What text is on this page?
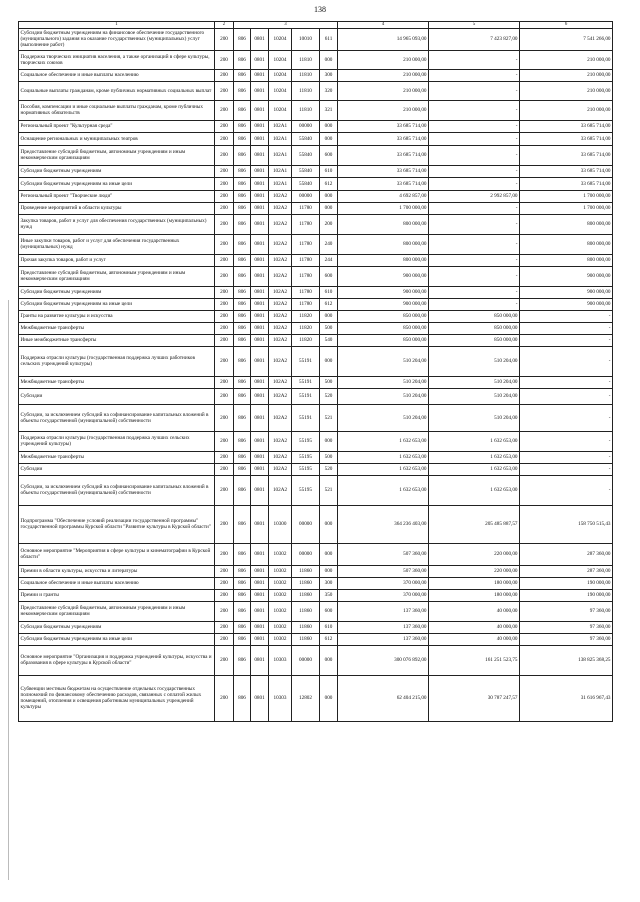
138
1	2	3					4	5	6
Субсидии бюджетным учреждениям на финансовое обеспечение государственного (муниципального) задания на оказание государственных (муниципальных) услуг (выполнение работ)	200	806	0801	10204	10010	611	14 965 093,00	7 423 827,00	7 541 266,00
Поддержка творческих инициатив населения, а также организаций в сфере культуры, творческих союзов	200	806	0801	10204	11810	000	210 000,00	-	210 000,00
Социальное обеспечение и иные выплаты населению	200	806	0801	10204	11810	300	210 000,00	-	210 000,00
Социальные выплаты гражданам, кроме публичных нормативных социальных выплат	200	806	0801	10204	11810	320	210 000,00	-	210 000,00
Пособия, компенсации и иные социальные выплаты гражданам, кроме публичных нормативных обязательств	200	806	0801	10204	11810	321	210 000,00	-	210 000,00
Региональный проект "Культурная среда"	200	806	0801	102A1	00000	000	33 685 714,00	-	33 685 714,00
Оснащение региональных и муниципальных театров	200	806	0801	102A1	55840	000	33 685 714,00	-	33 685 714,00
Предоставление субсидий бюджетным, автономным учреждениям и иным некоммерческим организациям	200	806	0801	102A1	55840	600	33 685 714,00	-	33 685 714,00
Субсидии бюджетным учреждениям	200	806	0801	102A1	55840	610	33 685 714,00	-	33 685 714,00
Субсидии бюджетным учреждениям на иные цели	200	806	0801	102A1	55840	612	33 685 714,00	-	33 685 714,00
Региональный проект "Творческие люди"	200	806	0801	102A2	00000	000	4 692 857,00	2 992 857,00	1 700 000,00
Проведение мероприятий в области культуры	200	806	0801	102A2	11780	000	1 700 000,00	-	1 700 000,00
Закупка товаров, работ и услуг для обеспечения государственных (муниципальных) нужд	200	806	0801	102A2	11780	200	800 000,00	-	800 000,00
Иные закупки товаров, работ и услуг для обеспечения государственных (муниципальных) нужд	200	806	0801	102A2	11780	240	800 000,00	-	800 000,00
Прочая закупка товаров, работ и услуг	200	806	0801	102A2	11780	244	800 000,00	-	800 000,00
Предоставление субсидий бюджетным, автономным учреждениям и иным некоммерческим организациям	200	806	0801	102A2	11780	600	900 000,00	-	900 000,00
Субсидии бюджетным учреждениям	200	806	0801	102A2	11780	610	900 000,00	-	900 000,00
Субсидии бюджетным учреждениям на иные цели	200	806	0801	102A2	11780	612	900 000,00	-	900 000,00
Гранты на развитие культуры и искусства	200	806	0801	102A2	11820	000	850 000,00	850 000,00	-
Межбюджетные трансферты	200	806	0801	102A2	11820	500	850 000,00	850 000,00	-
Иные межбюджетные трансферты	200	806	0801	102A2	11820	540	850 000,00	850 000,00	-
Поддержка отрасли культуры (государственная поддержка лучших работников сельских учреждений культуры)	200	806	0801	102A2	55191	000	510 204,00	510 204,00	-
Межбюджетные трансферты	200	806	0801	102A2	55191	500	510 204,00	510 204,00	-
Субсидии	200	806	0801	102A2	55191	520	510 204,00	510 204,00	-
Субсидии, за исключением субсидий на софинансирование капитальных вложений в объекты государственной (муниципальной) собственности	200	806	0801	102A2	55191	521	510 204,00	510 204,00	-
Поддержка отрасли культуры (государственная поддержка лучших сельских учреждений культуры)	200	806	0801	102A2	55195	000	1 632 653,00	1 632 653,00	-
Межбюджетные трансферты	200	806	0801	102A2	55195	500	1 632 653,00	1 632 653,00	-
Субсидии	200	806	0801	102A2	55195	520	1 632 653,00	1 632 653,00	-
Субсидии, за исключением субсидий на софинансирование капитальных вложений в объекты государственной (муниципальной) собственности	200	806	0801	102A2	55195	521	1 632 653,00	1 632 653,00	-
Подпрограмма "Обеспечение условий реализации государственной программы" государственной программы Курской области "Развитие культуры в Курской области"	200	806	0801	10300	00000	000	364 236 403,00	205 485 887,57	158 750 515,43
Основное мероприятие "Мероприятия в сфере культуры и кинематографии в Курской области"	200	806	0801	10302	00000	000	507 360,00	220 000,00	287 360,00
Премии в области культуры, искусства и литературы	200	806	0801	10302	11860	000	507 360,00	220 000,00	287 360,00
Социальное обеспечение и иные выплаты населению	200	806	0801	10302	11860	300	370 000,00	180 000,00	190 000,00
Премии и гранты	200	806	0801	10302	11860	350	370 000,00	180 000,00	190 000,00
Предоставление субсидий бюджетным, автономным учреждениям и иным некоммерческим организациям	200	806	0801	10302	11860	600	137 360,00	40 000,00	97 360,00
Субсидии бюджетным учреждениям	200	806	0801	10302	11860	610	137 360,00	40 000,00	97 360,00
Субсидии бюджетным учреждениям на иные цели	200	806	0801	10302	11860	612	137 360,00	40 000,00	97 360,00
Основное мероприятие "Организация и поддержка учреждений культуры, искусства и образования в сфере культуры в Курской области"	200	806	0801	10303	00000	000	300 076 892,00	161 251 523,75	138 825 368,25
Субвенции местным бюджетам на осуществление отдельных государственных полномочий по финансовому обеспечению расходов, связанных с оплатой жилых помещений, отопления и освещения работникам муниципальных учреждений культуры	200	806	0801	10303	12802	000	62 404 215,00	30 787 247,57	31 616 967,43
